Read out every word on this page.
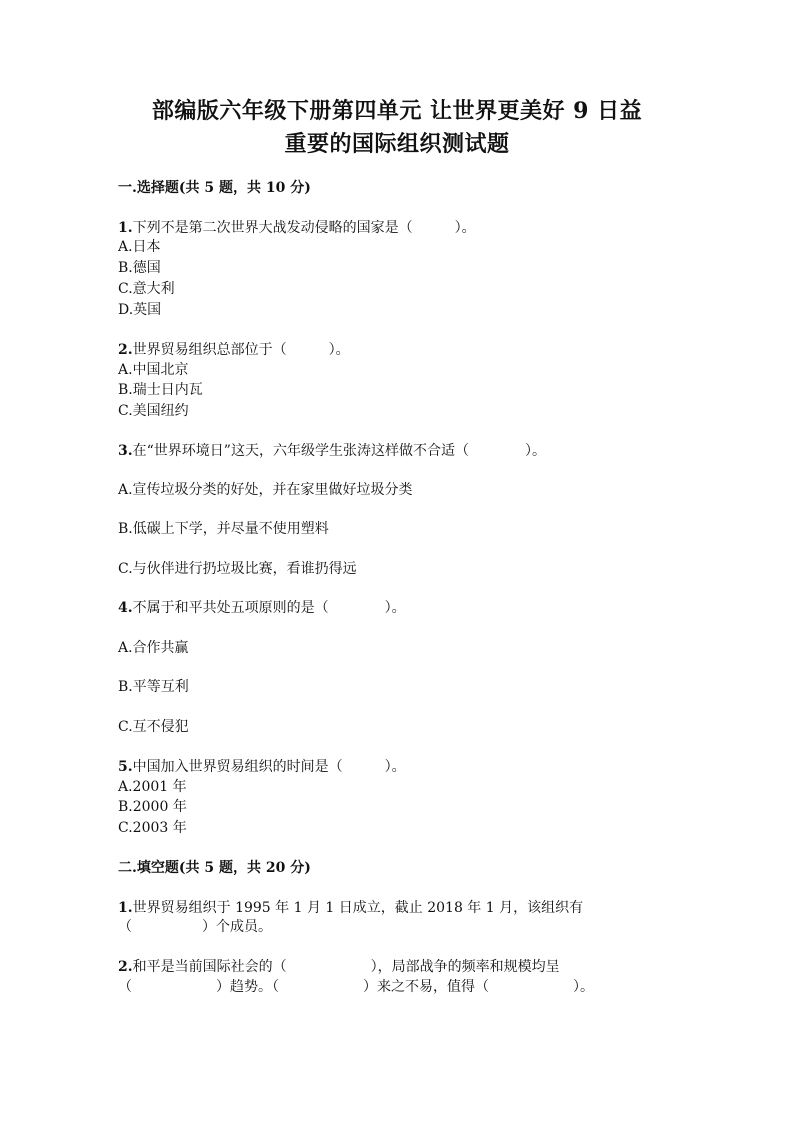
部编版六年级下册第四单元 让世界更美好 9 日益
重要的国际组织测试题
一.选择题(共 5 题，共 10 分)
1.下列不是第二次世界大战发动侵略的国家是（　　　）。
A.日本
B.德国
C.意大利
D.英国
2.世界贸易组织总部位于（　　　）。
A.中国北京
B.瑞士日内瓦
C.美国纽约
3.在“世界环境日”这天，六年级学生张涛这样做不合适（　　　　）。
A.宣传垃圾分类的好处，并在家里做好垃圾分类
B.低碳上下学，并尽量不使用塑料
C.与伙伴进行扔垃圾比赛，看谁扔得远
4.不属于和平共处五项原则的是（　　　　）。
A.合作共赢
B.平等互利
C.互不侵犯
5.中国加入世界贸易组织的时间是（　　　）。
A.2001 年
B.2000 年
C.2003 年
二.填空题(共 5 题，共 20 分)
1.世界贸易组织于 1995 年 1 月 1 日成立，截止 2018 年 1 月，该组织有
（　　　　　）个成员。
2.和平是当前国际社会的（　　　　　　），局部战争的频率和规模均呈
（　　　　　　）趋势。（　　　　　　）来之不易，值得（　　　　　　）。
